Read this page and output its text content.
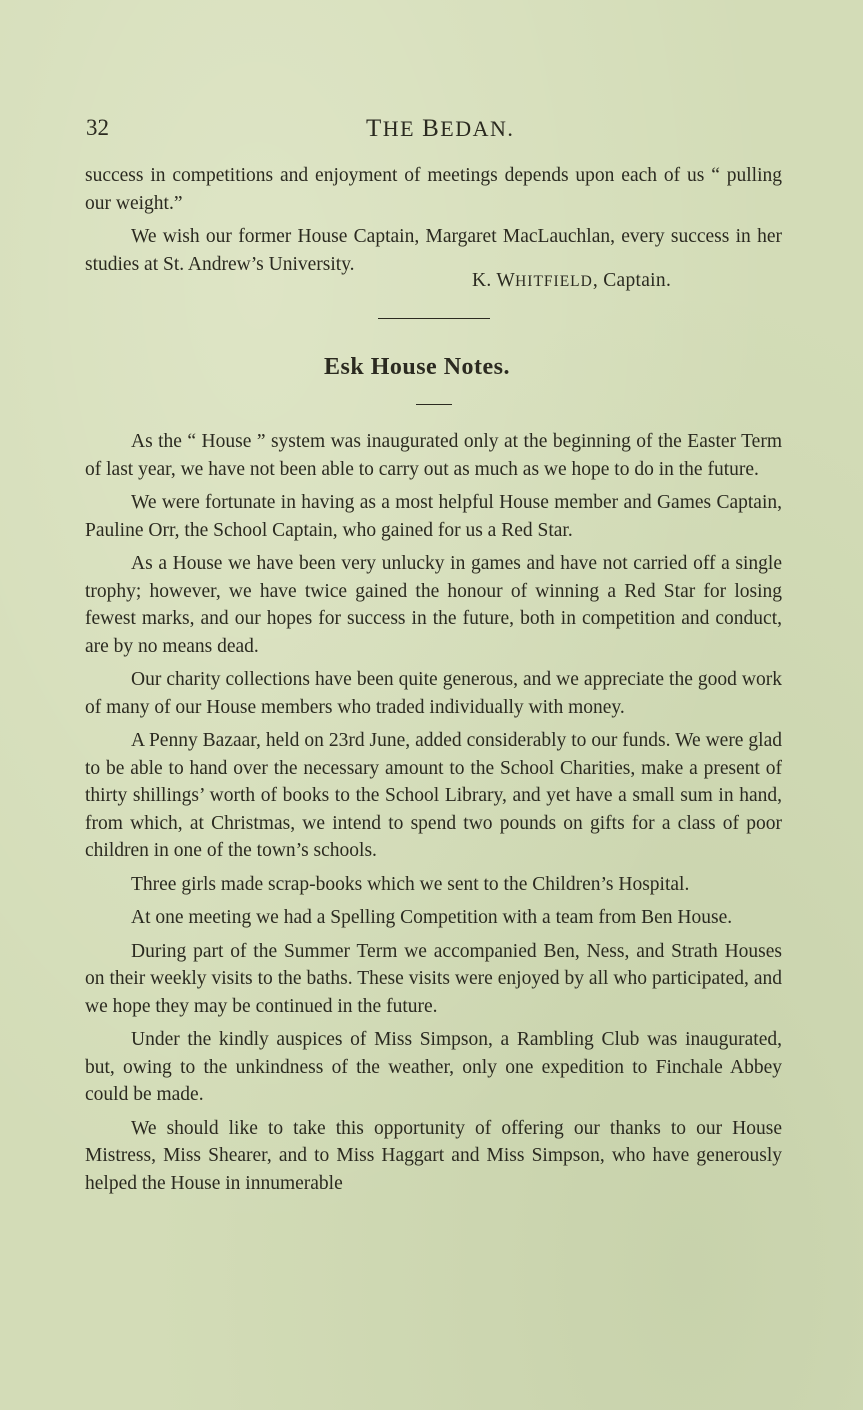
32	THE BEDAN.

success in competitions and enjoyment of meetings depends upon each of us “ pulling our weight.”

We wish our former House Captain, Margaret MacLauchlan, every success in her studies at St. Andrew’s University.

K. WHITFIELD, Captain.
Esk House Notes.

As the “ House ” system was inaugurated only at the beginning of the Easter Term of last year, we have not been able to carry out as much as we hope to do in the future.

We were fortunate in having as a most helpful House member and Games Captain, Pauline Orr, the School Captain, who gained for us a Red Star.

As a House we have been very unlucky in games and have not carried off a single trophy; however, we have twice gained the honour of winning a Red Star for losing fewest marks, and our hopes for success in the future, both in competition and conduct, are by no means dead.

Our charity collections have been quite generous, and we appreciate the good work of many of our House members who traded individually with money.

A Penny Bazaar, held on 23rd June, added considerably to our funds. We were glad to be able to hand over the necessary amount to the School Charities, make a present of thirty shillings’ worth of books to the School Library, and yet have a small sum in hand, from which, at Christmas, we intend to spend two pounds on gifts for a class of poor children in one of the town’s schools.

Three girls made scrap-books which we sent to the Children’s Hospital.

At one meeting we had a Spelling Competition with a team from Ben House.

During part of the Summer Term we accompanied Ben, Ness, and Strath Houses on their weekly visits to the baths. These visits were enjoyed by all who participated, and we hope they may be continued in the future.

Under the kindly auspices of Miss Simpson, a Rambling Club was inaugurated, but, owing to the unkindness of the weather, only one expedition to Finchale Abbey could be made.

We should like to take this opportunity of offering our thanks to our House Mistress, Miss Shearer, and to Miss Haggart and Miss Simpson, who have generously helped the House in innumerable
